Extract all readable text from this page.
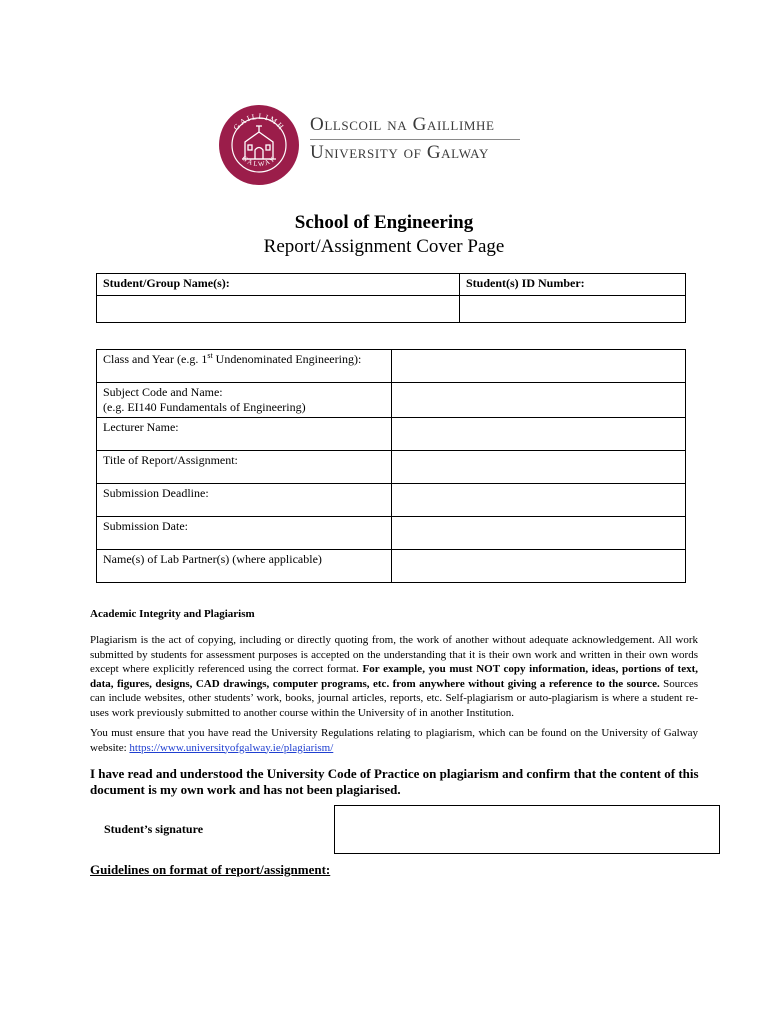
GAILLIMH
GALWAY
Ollscoil na Gaillimhe
University of Galway
School of Engineering
Report/Assignment Cover Page
Student/Group Name(s):	Student(s) ID Number:

Class and Year (e.g. 1st Undenominated Engineering):	

Subject Code and Name:
(e.g. EI140 Fundamentals of Engineering)	

Lecturer Name:	
Title of Report/Assignment:	
Submission Deadline:	
Submission Date:	
Name(s) of Lab Partner(s) (where applicable)	
Academic Integrity and Plagiarism
Plagiarism is the act of copying, including or directly quoting from, the work of another without adequate acknowledgement. All work submitted by students for assessment purposes is accepted on the understanding that it is their own work and written in their own words except where explicitly referenced using the correct format. For example, you must NOT copy information, ideas, portions of text, data, figures, designs, CAD drawings, computer programs, etc. from anywhere without giving a reference to the source. Sources can include websites, other students’ work, books, journal articles, reports, etc. Self-plagiarism or auto-plagiarism is where a student re-uses work previously submitted to another course within the University of in another Institution.
You must ensure that you have read the University Regulations relating to plagiarism, which can be found on the University of Galway website: https://www.universityofgalway.ie/plagiarism/
I have read and understood the University Code of Practice on plagiarism and confirm that the content of this document is my own work and has not been plagiarised.
Student’s signature
Guidelines on format of report/assignment:
